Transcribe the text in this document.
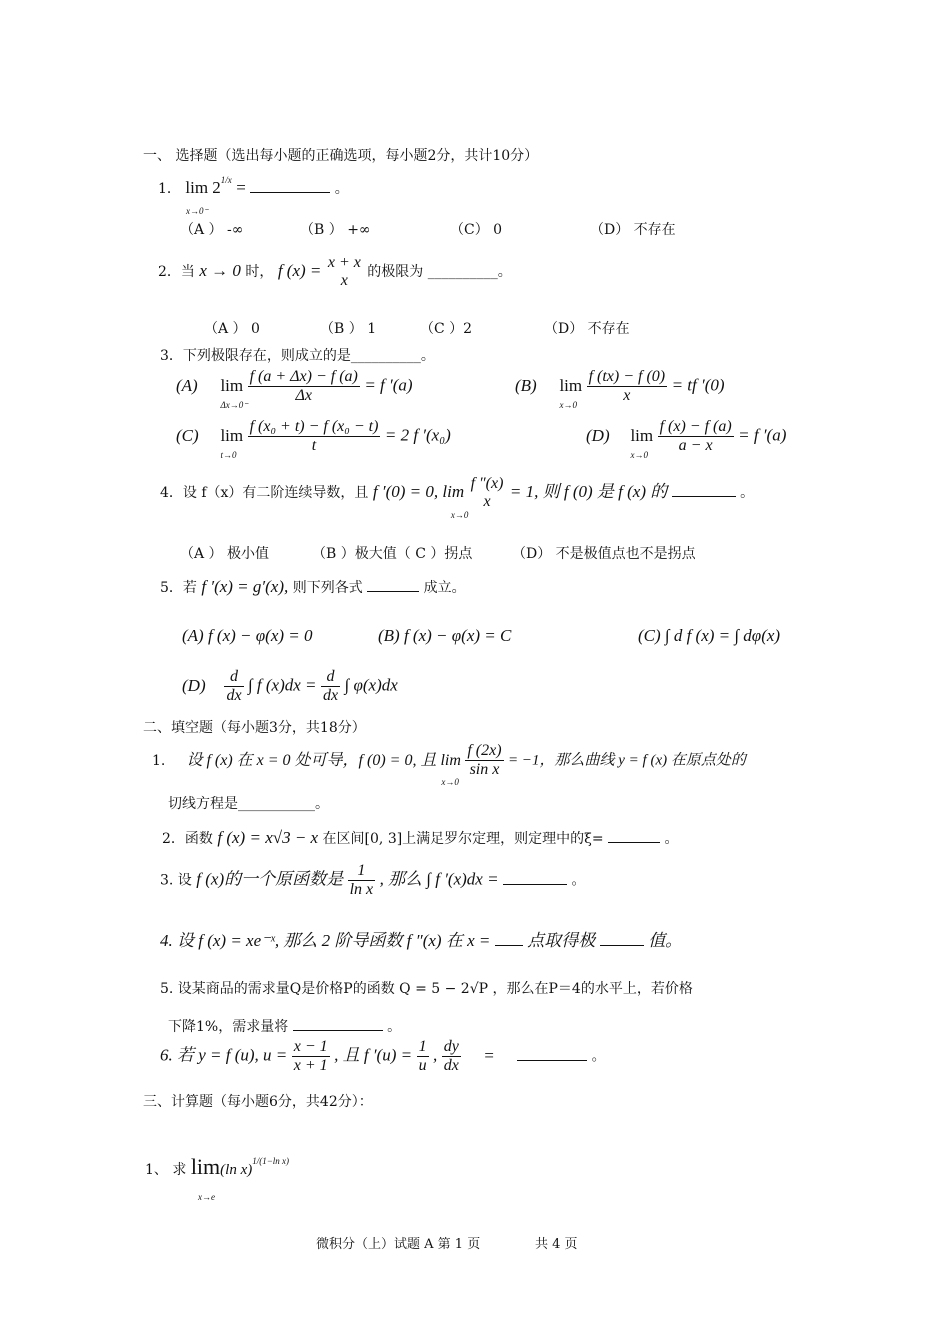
一、 选择题（选出每小题的正确选项，每小题2分，共计10分）
1． $\lim 2^{1/x}$ =	。
x→0⁻
（A ） -∞	（B ） +∞	（C） 0	（D） 不存在
2．当 x → 0 时， f (x) = x + x
x	的极限为 __________。
（A ） 0	（B ） 1	（C ）2	（D） 不存在
3．下列极限存在，则成立的是__________。
(A) lim
Δx→0⁻
$\frac{f (a + \Delta x) - f (a)}{\Delta x} = f$ ′(a)	(B) lim
x→0
$\frac{f (tx) - f (0)}{x}$ = tf ′(0)
(C) lim
t→0
$\frac{\text{f (x₀ + t) − f (x₀ − t)}}{t} = 2$ f ′(x₀)	(D) lim
x→0
$\frac{f (x) - f (a)}{a - x} = f$ ′(a)
4．设 f（x）有二阶连续导数，且 f ′(0) = 0, lim
x→0

f ″(x)
x
= 1, 则 f (0) 是 f (x) 的	。
（A ） 极小值	（B ）极大值（ C ）拐点	（D） 不是极值点也不是拐点
5．若 f ′(x) = g′(x), 则下列各式	成立。
(A) f (x) − φ(x) = 0	(B) f (x) − φ(x) = C	(C) ∫ d f (x) = ∫ dφ(x)
$(D) \frac{d}{dx}$ ∫ f $(x)dx = \frac{d}{dx}$ ∫ φ(x)dx
二、填空题（每小题3分，共18分）
1. 设 f (x) 在 x = 0 处可导，f (0) = 0, 且 lim
x→0

$\frac{f (2x)}{\text{sin x}} = -1$，那么曲线 y = f (x) 在原点处的
切线方程是___________。
2．函数 f (x) = x√3 − x 在区间[0, 3]上满足罗尔定理，则定理中的ξ=	。
3. 设 f (x)的一个原函数是 $\frac{1}{\text{ln x}}$ , 那么 ∫ f ′(x)dx =	。
4. 设 f (x) = xe⁻ˣ, 那么 2 阶导函数 f ″(x) 在 x = 点取得极	值。
5. 设某商品的需求量Q是价格P的函数 Q = 5 − 2√P ，那么在P＝4的水平上，若价格
下降1%，需求量将	。
6. 若 y = f (u), $u = \frac{x - 1}{x + 1}$ , 且 f $'(u) = \frac{1}{u}$ , $\frac{dy}{dx}$ =	。
三、计算题（每小题6分，共42分）：
1、 求 lim(ln x)$^{1/(1-ln x)}$
x→e
微积分（上）试题 A 第 1 页	共 4 页
